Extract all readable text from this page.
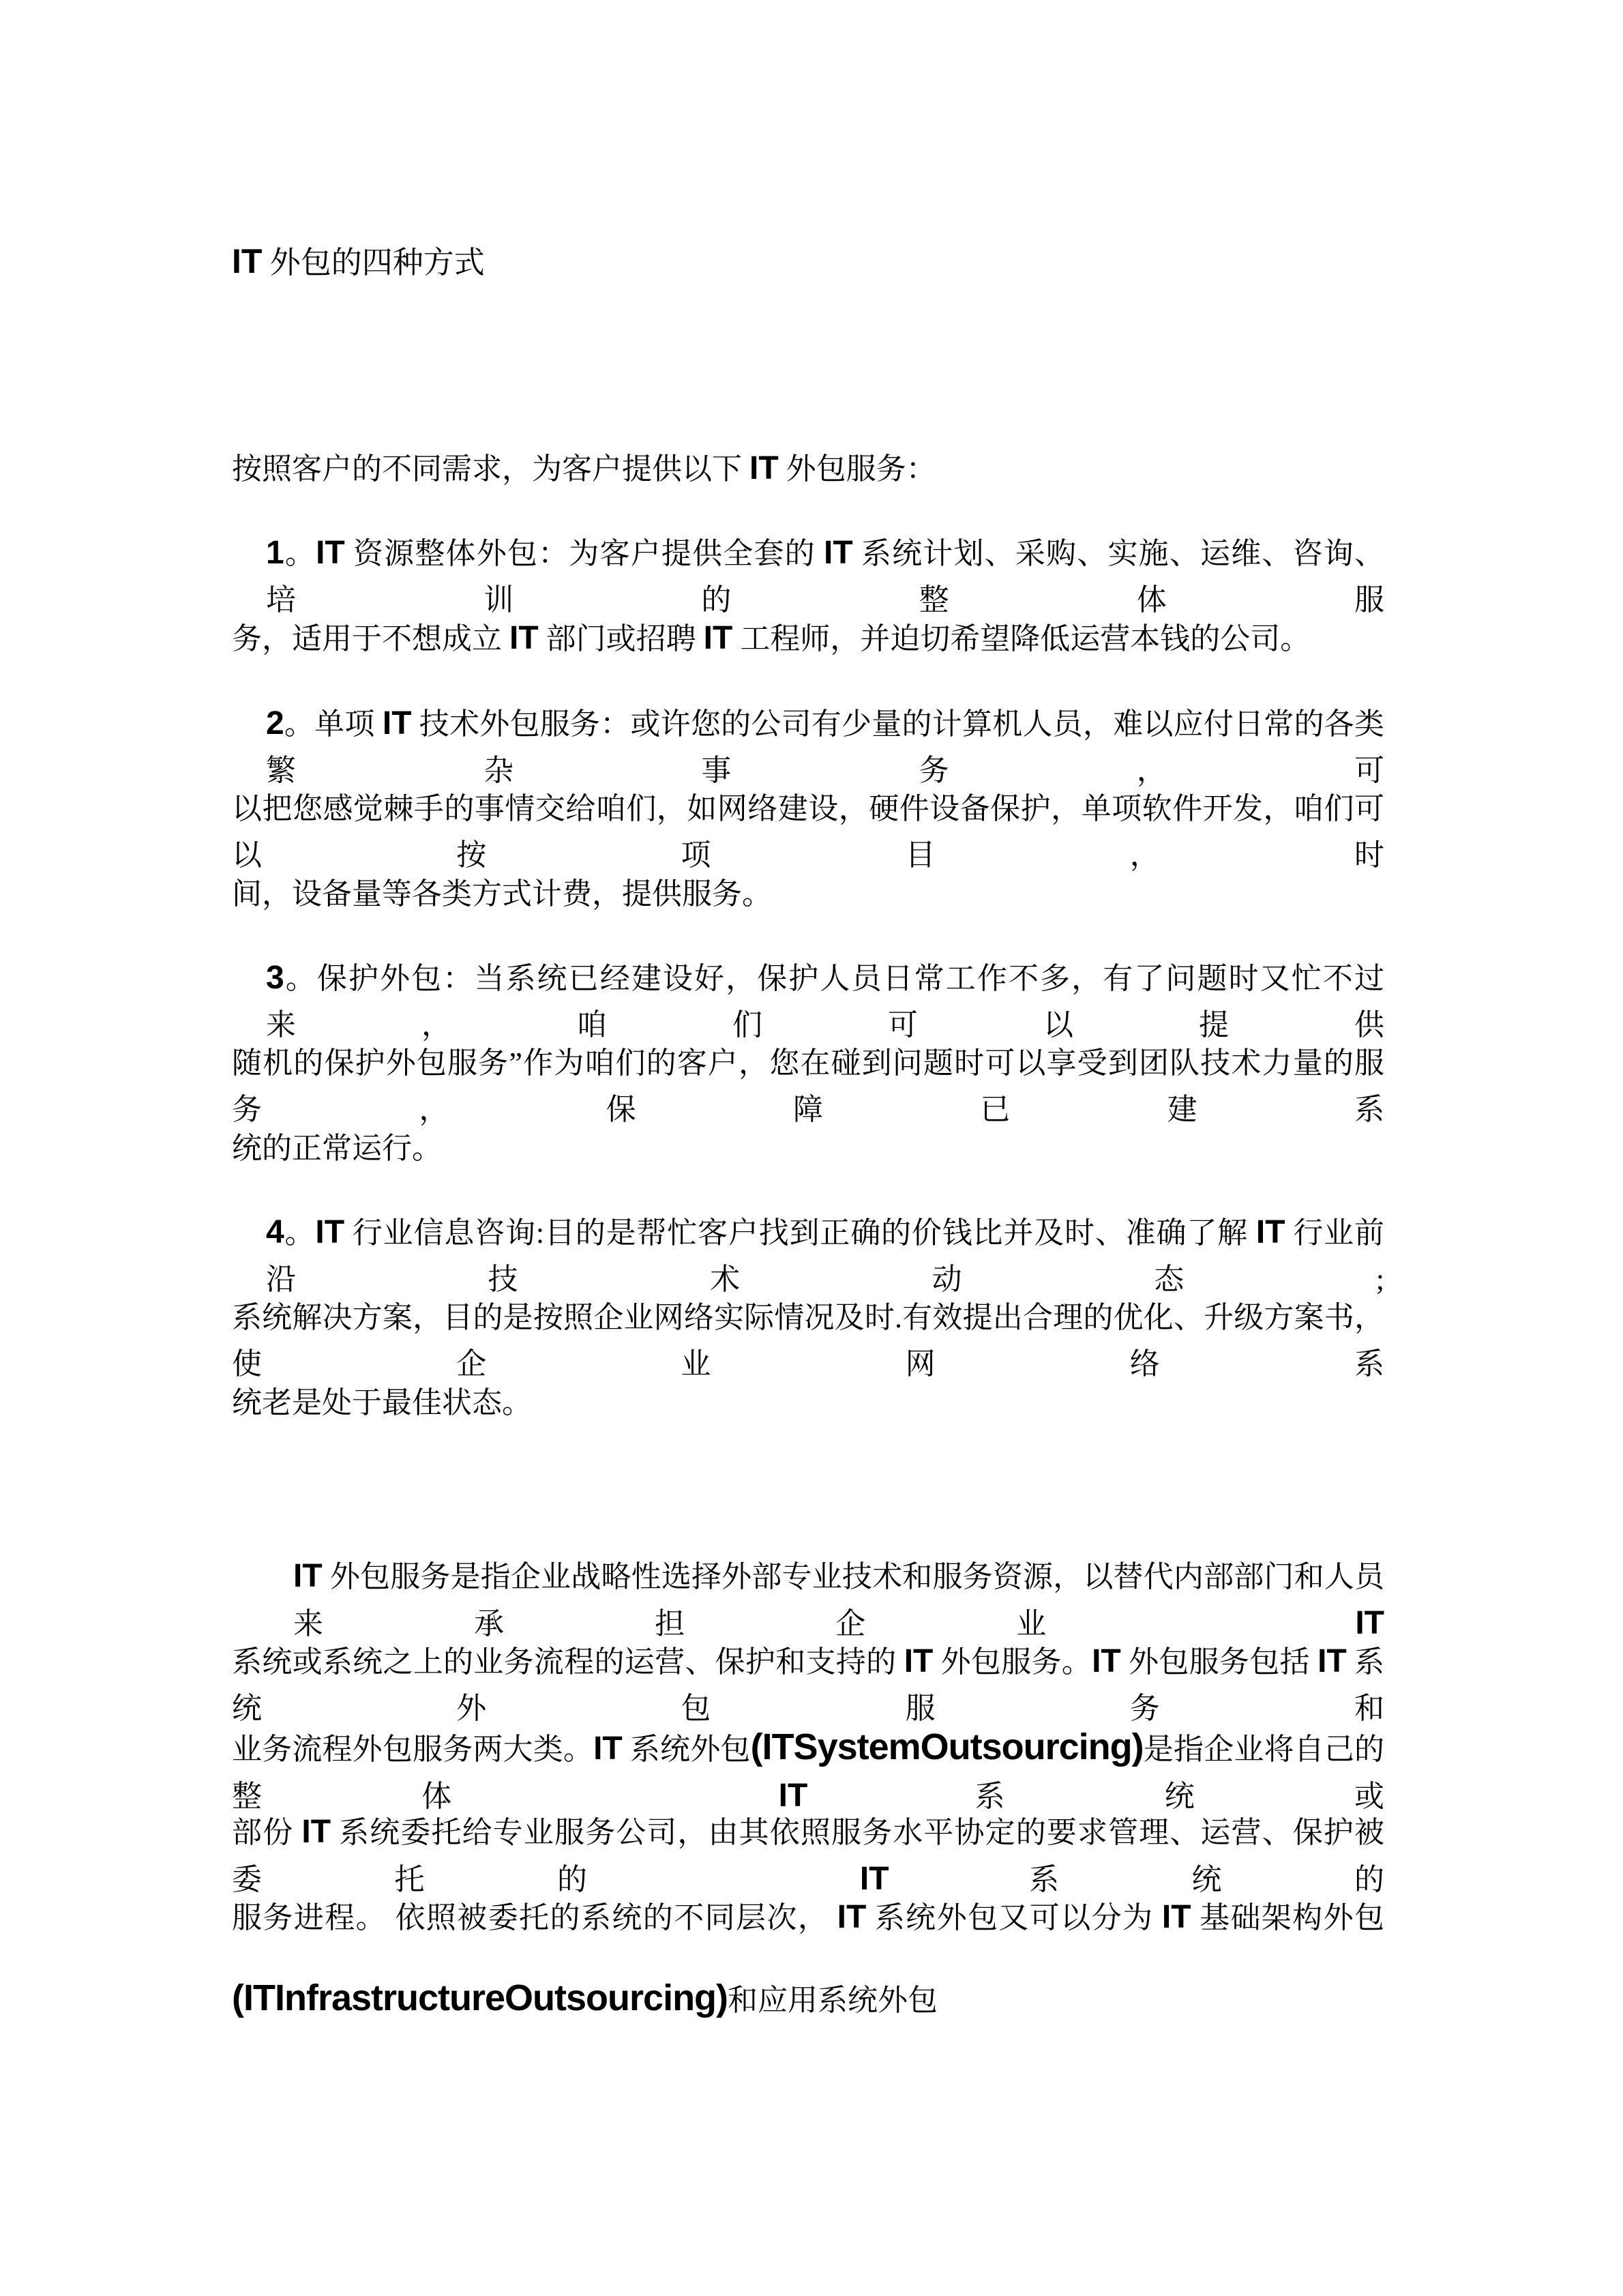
IT 外包的四种方式
按照客户的不同需求，为客户提供以下 IT 外包服务：
1。IT 资源整体外包：为客户提供全套的 IT 系统计划、采购、实施、运维、咨询、培训的整体服
务，适用于不想成立 IT 部门或招聘 IT 工程师，并迫切希望降低运营本钱的公司。
2。单项 IT 技术外包服务：或许您的公司有少量的计算机人员，难以应付日常的各类繁杂事务，可
以把您感觉棘手的事情交给咱们，如网络建设，硬件设备保护，单项软件开发，咱们可以按项目，时
间，设备量等各类方式计费，提供服务。
3。保护外包：当系统已经建设好，保护人员日常工作不多，有了问题时又忙不过来，咱们可以提供
随机的保护外包服务”作为咱们的客户，您在碰到问题时可以享受到团队技术力量的服务，保障已建系
统的正常运行。
4。IT 行业信息咨询:目的是帮忙客户找到正确的价钱比并及时、准确了解 IT 行业前沿技术动态;
系统解决方案，目的是按照企业网络实际情况及时.有效提出合理的优化、升级方案书，使企业网络系
统老是处于最佳状态。
IT 外包服务是指企业战略性选择外部专业技术和服务资源，以替代内部部门和人员来承担企业 IT
系统或系统之上的业务流程的运营、保护和支持的 IT 外包服务。IT 外包服务包括 IT 系统外包服务和
业务流程外包服务两大类。IT 系统外包(ITSystemOutsourcing)是指企业将自己的整体 IT 系统或
部份 IT 系统委托给专业服务公司，由其依照服务水平协定的要求管理、运营、保护被委托的 IT 系统的
服务进程。 依照被委托的系统的不同层次， IT 系统外包又可以分为 IT 基础架构外包
(ITInfrastructureOutsourcing)和应用系统外包
